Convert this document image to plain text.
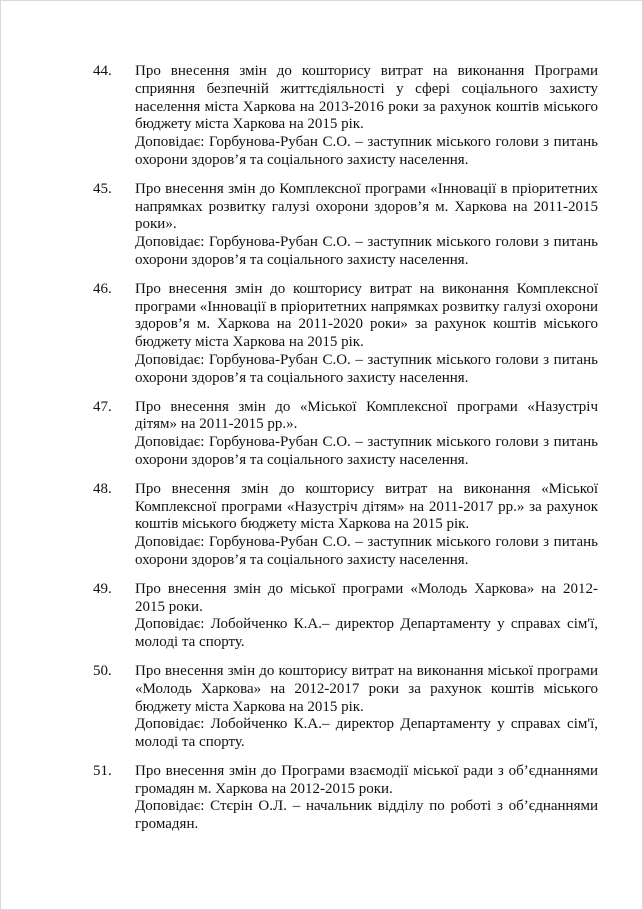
44. Про внесення змін до кошторису витрат на виконання Програми сприяння безпечній життєдіяльності у сфері соціального захисту населення міста Харкова на 2013-2016 роки за рахунок коштів міського бюджету міста Харкова на 2015 рік.

Доповідає: Горбунова-Рубан С.О. – заступник міського голови з питань охорони здоров’я та соціального захисту населення.

45. Про внесення змін до Комплексної програми «Інновації в пріоритетних напрямках розвитку галузі охорони здоров’я м. Харкова на 2011-2015 роки».

Доповідає: Горбунова-Рубан С.О. – заступник міського голови з питань охорони здоров’я та соціального захисту населення.

46. Про внесення змін до кошторису витрат на виконання Комплексної програми «Інновації в пріоритетних напрямках розвитку галузі охорони здоров’я м. Харкова на 2011-2020 роки» за рахунок коштів міського бюджету міста Харкова на 2015 рік.

Доповідає: Горбунова-Рубан С.О. – заступник міського голови з питань охорони здоров’я та соціального захисту населення.

47. Про внесення змін до «Міської Комплексної програми «Назустріч дітям» на 2011-2015 рр.».

Доповідає: Горбунова-Рубан С.О. – заступник міського голови з питань охорони здоров’я та соціального захисту населення.

48. Про внесення змін до кошторису витрат на виконання «Міської Комплексної програми «Назустріч дітям» на 2011-2017 рр.» за рахунок коштів міського бюджету міста Харкова на 2015 рік.

Доповідає: Горбунова-Рубан С.О. – заступник міського голови з питань охорони здоров’я та соціального захисту населення.

49. Про внесення змін до міської програми «Молодь Харкова» на 2012-2015 роки.

Доповідає: Лобойченко К.А.– директор Департаменту у справах сім'ї, молоді та спорту.

50. Про внесення змін до кошторису витрат на виконання міської програми «Молодь Харкова» на 2012-2017 роки за рахунок коштів міського бюджету міста Харкова на 2015 рік.

Доповідає: Лобойченко К.А.– директор Департаменту у справах сім'ї, молоді та спорту.

51. Про внесення змін до Програми взаємодії міської ради з об’єднаннями громадян м. Харкова на 2012-2015 роки.

Доповідає: Стєрін О.Л. – начальник відділу по роботі з об’єднаннями громадян.
